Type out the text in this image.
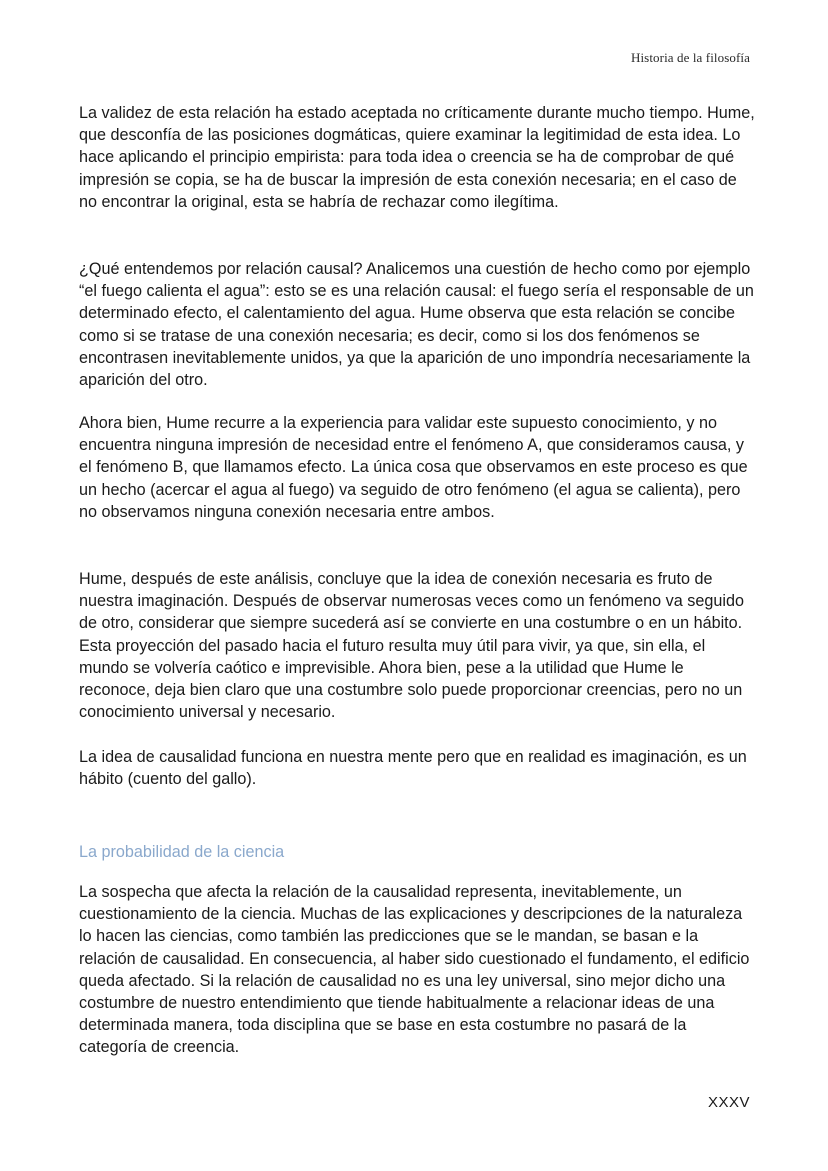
Historia de la filosofía

La validez de esta relación ha estado aceptada no críticamente durante mucho tiempo. Hume, que desconfía de las posiciones dogmáticas, quiere examinar la legitimidad de esta idea. Lo hace aplicando el principio empirista: para toda idea o creencia se ha de comprobar de qué impresión se copia, se ha de buscar la impresión de esta conexión necesaria; en el caso de no encontrar la original, esta se habría de rechazar como ilegítima.

¿Qué entendemos por relación causal? Analicemos una cuestión de hecho como por ejemplo “el fuego calienta el agua”: esto se es una relación causal: el fuego sería el responsable de un determinado efecto, el calentamiento del agua. Hume observa que esta relación se concibe como si se tratase de una conexión necesaria; es decir, como si los dos fenómenos se encontrasen inevitablemente unidos, ya que la aparición de uno impondría necesariamente la aparición del otro.

Ahora bien, Hume recurre a la experiencia para validar este supuesto conocimiento, y no encuentra ninguna impresión de necesidad entre el fenómeno A, que consideramos causa, y el fenómeno B, que llamamos efecto. La única cosa que observamos en este proceso es que un hecho (acercar el agua al fuego) va seguido de otro fenómeno (el agua se calienta), pero no observamos ninguna conexión necesaria entre ambos.

Hume, después de este análisis, concluye que la idea de conexión necesaria es fruto de nuestra imaginación. Después de observar numerosas veces como un fenómeno va seguido de otro, considerar que siempre sucederá así se convierte en una costumbre o en un hábito. Esta proyección del pasado hacia el futuro resulta muy útil para vivir, ya que, sin ella, el mundo se volvería caótico e imprevisible. Ahora bien, pese a la utilidad que Hume le reconoce, deja bien claro que una costumbre solo puede proporcionar creencias, pero no un conocimiento universal y necesario.

La idea de causalidad funciona en nuestra mente pero que en realidad es imaginación, es un hábito (cuento del gallo).

La probabilidad de la ciencia

La sospecha que afecta la relación de la causalidad representa, inevitablemente, un cuestionamiento de la ciencia. Muchas de las explicaciones y descripciones de la naturaleza lo hacen las ciencias, como también las predicciones que se le mandan, se basan e la relación de causalidad. En consecuencia, al haber sido cuestionado el fundamento, el edificio queda afectado. Si la relación de causalidad no es una ley universal, sino mejor dicho una costumbre de nuestro entendimiento que tiende habitualmente a relacionar ideas de una determinada manera, toda disciplina que se base en esta costumbre no pasará de la categoría de creencia.

XXXV
